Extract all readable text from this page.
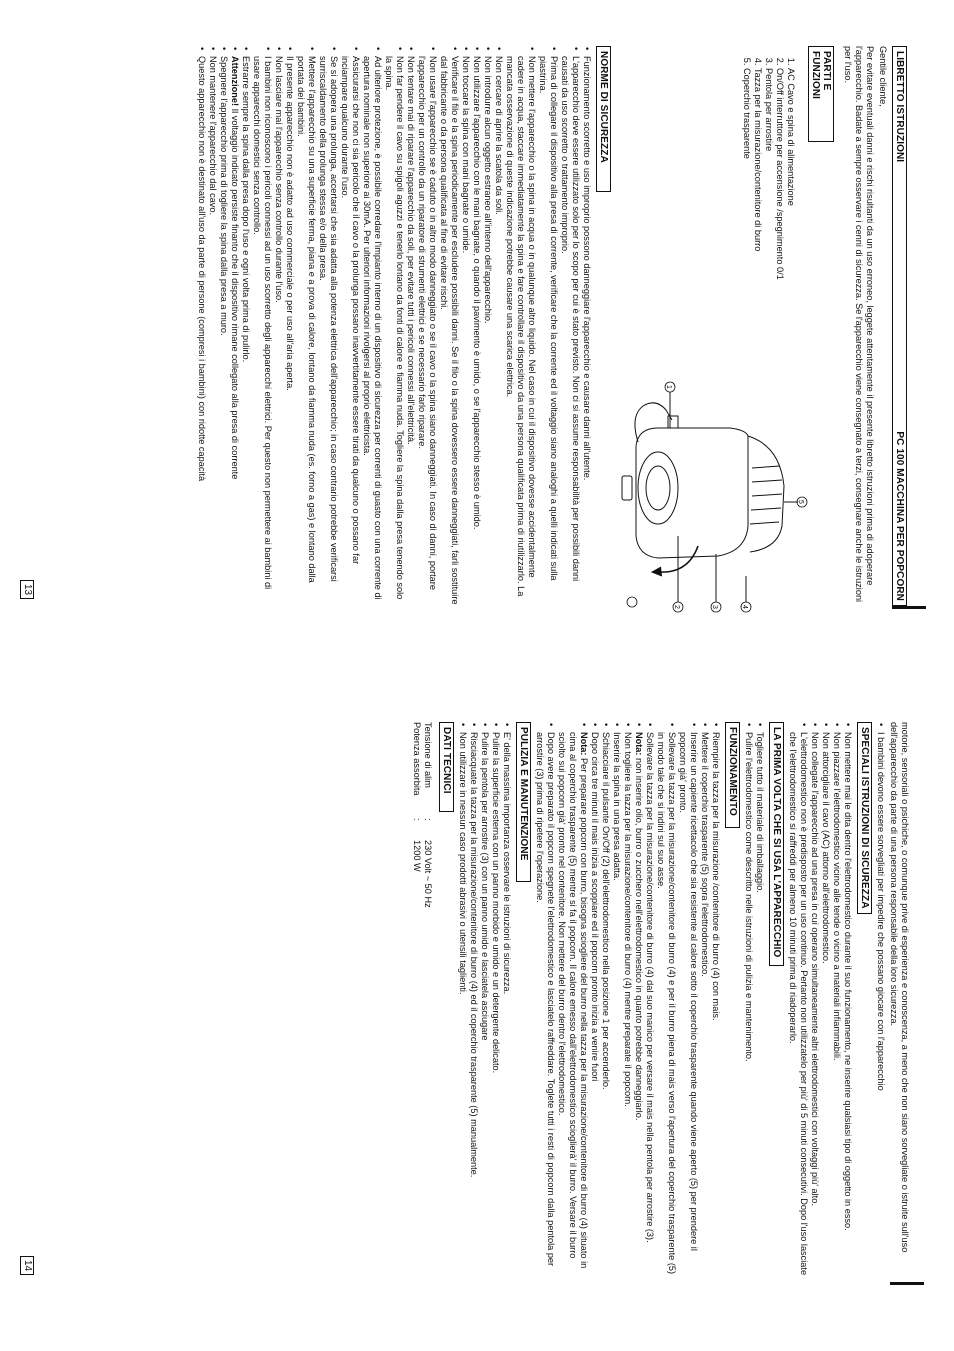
LIBRETTO ISTRUZIONI
PC 100 MACCHINA PER POPCORN

Gentile cliente,

Per evitare eventuali danni e rischi risultanti da un uso erroneo, leggete attentamente il presente libretto istruzioni prima di adoperare l'apparecchio. Badate a sempre osservare i cenni di sicurezza. Se l'apparecchio viene consegnato a terzi, consegnare anche le istruzioni per l'uso.

PARTI E FUNZIONI
1. AC Cavo e spina di alimentazione
2. On/Off interruttore per accensione /spegnimento 0/1
3. Pentola per arrostire
4. Tazza per la misurazione/contenitore di burro
5. Coperchio trasparente
4
3
2
1
5
NORME DI SICUREZZA
• Funzionamento scorretto e uso improprio possono danneggiare l'apparecchio e causare danni all'utente.
• L'apparecchio deve essere utilizzato solo per lo scopo per cui è stato previsto. Non ci si assume responsabilità per possibili danni causati da uso scorretto o trattamento improprio.
• Prima di collegare il dispositivo alla presa di corrente, verificare che la corrente ed il voltaggio siano analoghi a quelli indicati sulla piastrina.
• Non mettere l'apparecchio o la spina in acqua o in qualunque altro liquido. Nel caso in cui il dispositivo dovesse accidentalmente cadere in acqua, staccare immediatamente la spina e fare controllare il dispositivo da una persona qualificata prima di riutilizzarlo. La mancata osservazione di queste indicazione potrebbe causare una scarica elettrica.
• Non cercare di aprire la scatola da soli.
• Non introdurre alcun oggetto estraneo all'interno dell'apparecchio.
• Non utilizzare l'apparecchio con le mani bagnate, o quando il pavimento è umido, o se l'apparecchio stesso è umido.
• Non toccare la spina con mani bagnate o umide.
• Verificare il filo e la spina periodicamente per escludere possibili danni. Se il filo o la spina dovessero essere danneggiati, farli sostituire dal fabbricante o da persona qualificata al fine di evitare rischi.
• Non usare l'apparecchio se è caduto o in altro modo danneggiato o se il cavo o la spina siano danneggiati. In caso di danni, portare l'apparecchio per un controllo da un riparatore di strumenti elettrici e se necessario farlo riparare.
• Non tentare mai di riparare l'apparecchio da soli, per evitare tutti i pericoli connessi all'elettricità.
• Non far pendere il cavo su spigoli aguzzi e tenerlo lontano da fonti di calore e fiamma nuda. Togliere la spina dalla presa tenendo solo la spina.
• Ad ulteriore protezione, è possibile corredare l'impianto interno di un dispositivo di sicurezza per correnti di guasto con una corrente di apertura nominale non superiore ai 30mA. Per ulteriori informazioni rivolgersi al proprio elettricista.
• Assicurarsi che non ci sia pericolo che il cavo o la prolunga possano inavvertitamente essere tirati da qualcuno o possano far inciampare qualcuno durante l'uso.
• Se si adopera una prolunga, accertarsi che sia adatta alla potenza elettrica dell'apparecchio; in caso contrario potrebbe verificarsi surriscaldamento della prolunga stessa e/o della presa.
• Mettere l'apparecchio su una superficie ferma, piana e a prova di calore, lontano da fiamma nuda (es. forno a gas) e lontano dalla portata dei bambini.
• Il presente apparecchio non è adatto ad uso commerciale o per uso all'aria aperta.
• Non lasciare mai l'apparecchio senza controllo durante l'uso.
• I bambini non riconoscono i pericoli connessi ad un uso scorretto degli apparecchi elettrici. Per questo non permettere ai bambini di usare apparecchi domestici senza controllo.
• Estrarre sempre la spina dalla presa dopo l'uso e ogni volta prima di pulirlo.
• Attenzione! Il voltaggio indicato persiste finanto che il dispositivo rimane collegato alla presa di corrente
• Spegnere l'apparecchio prima di togliere la spina dalla presa a muro.
• Non mantenere l'apparecchio dal cavo.
• Questo apparecchio non è destinato all'uso da parte di persone (compresi i bambini) con ridotte capacità
13

motorie, sensoriali o psichiche, o comunque prive di esperienza e conoscenza, a meno che non siano sorvegliate o istruite sull'uso dell'apparecchio da parte di una persona responsabile della loro sicurezza.

• I bambini devono essere sorvegliati per impedire che possano giocare con l'apparecchio
SPECIALI ISTRUZIONI DI SICUREZZA
• Non mettere mai le dita dentro l'elettrodomestico durante il suo funzionamento, ne inserire qualsiasi tipo di oggetto in esso.
• Non piazzare l'elettrodomestico vicino alle tende o vicino a materiali infiammabili.
• Non attorcigliare il cavo (AC) attorno all'elettrodomestico.
• Non collegate l'apparecchio ad una presa in cui operano simultaneamente altri elettrodomestici con voltaggi più' alto.
• L'elettrodomestico non è predisposto per un uso continuo. Pertanto non utilizzatelo per più' di 5 minuti consecutivi. Dopo l'uso lasciate che l'elettrodomestico si raffreddi per almeno 10 minuti prima di riadoperarlo.
LA PRIMA VOLTA CHE SI USA L'APPARECCHIO
• Togliere tutto il materiale di imballaggio.
• Pulire l'elettrodomestico come descritto nelle istruzioni di pulizia e mantenimento.
FUNZIONAMENTO
• Riempire la tazza per la misurazione /contenitore di burro (4) con mais.
• Mettere il coperchio trasparente (5) sopra l'elettrodomestico.
• Inserire un capiente ricettacolo che sia resistente al calore sotto il coperchio trasparente quando viene aperto (5) per prendere il popcorn già' pronto.
• Sollevare la tazza per la misurazione/contenitore di burro (4) e per il burro piena di mais verso l'apertura del coperchio trasparente (5) in modo tale che si indini sul suo asse.
• Sollevare la tazza per la misurazione/contenitore di burro (4) dal suo manico per versare il mais nella pentola per arrostire (3).
• Nota: non inserire olio, burro o zucchero nell'elettrodomestico in quanto potrebbe danneggiarlo.
• Non togliere la tazza per la misurazione/contenitore di burro (4) mentre preparate il popcorn.
• Inserire la spina in una presa adatta.
• Schiacciare il pulsante On/Off (2) dell'elettrodomestico nella posizione 1 per accenderlo.
• Dopo circa tre minuti il mais inizia a scoppiare ed il popcorn pronto inizia a venire fuori
• Nota: Per preparare popcorn con burro, bisogna sciogliere del burro nella tazza per la misurazione/contenitore di burro (4) situato in cima al coperchio trasparente (5) mentre si fa il popcorn. Il calore emesso dall'elettrodomestico scioglierà' il burro. Versare il burro sciolto sui popcorn già' pronto nel contenitore. Non mettere del burro dentro l'elettrodomestico.
• Dopo avere preparato il popcorn spegnete l'elettrodomestico e lasciatelo raffreddare. Toglete tutti i resti di popcorn dalla pentola per arrostire (3) prima di ripetere l'operazione.
PULIZIA E MANUTENZIONE
• E' della massima importanza osservare le istruzioni di sicurezza.
• Pulire la superficie esterna con un panno morbido e umido e un detergente delicato.
• Pulire la pentola per arrostire (3) con un panno umido e lasciatela asciugare
• Risciacquate la tazza per la misurazione/contenitore di burro (4) ed il coperchio trasparente (5) manualmente.
• Non utilizzare in nessun caso prodotti abrasivi o utensili taglienti.
DATI TECNICI
Tensione di alim
:
230 Volt ~ 50 Hz
Potenza assorbita
:
1200 W
14
